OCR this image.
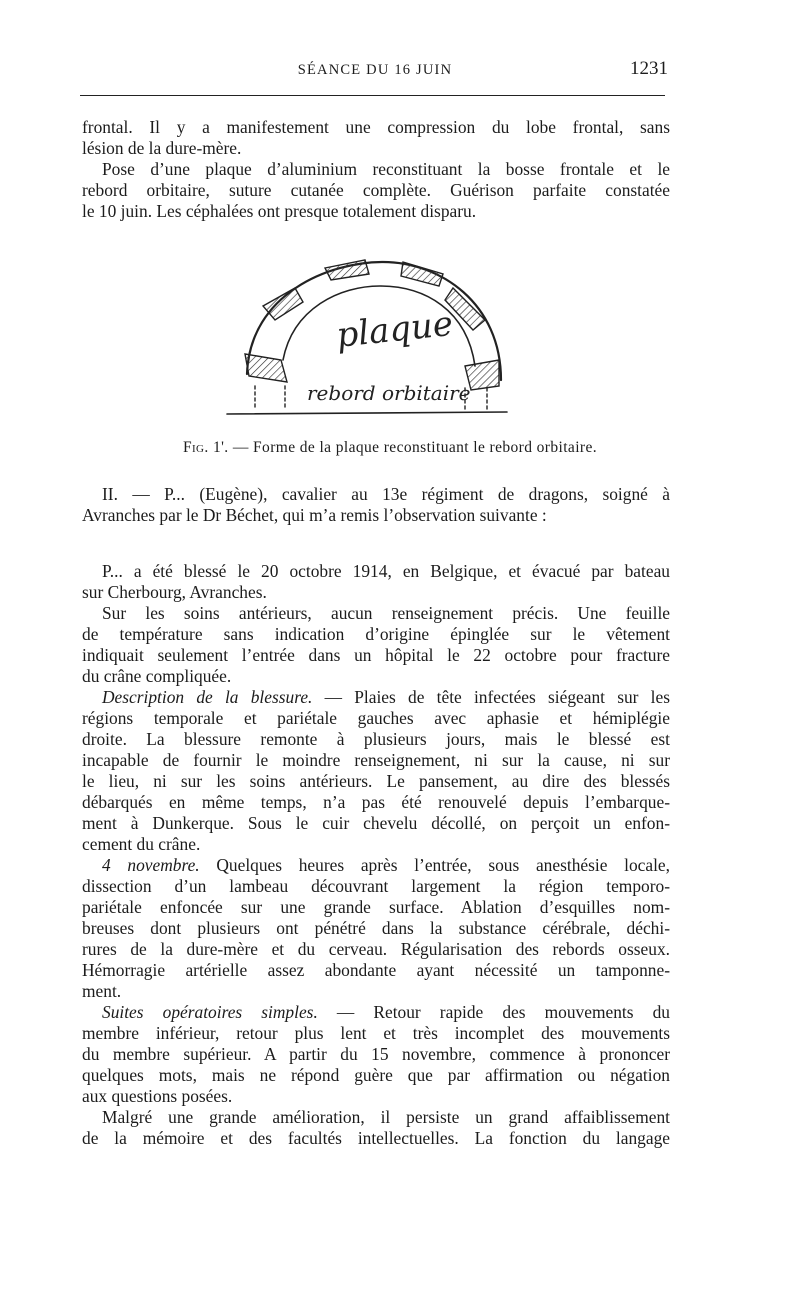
SÉANCE DU 16 JUIN	1231

frontal. Il y a manifestement une compression du lobe frontal, sans

lésion de la dure-mère.

Pose d’une plaque d’aluminium reconstituant la bosse frontale et le

rebord orbitaire, suture cutanée complète. Guérison parfaite constatée

le 10 juin. Les céphalées ont presque totalement disparu.

plaque
rebord orbitaire
Fig. 1'. — Forme de la plaque reconstituant le rebord orbitaire.

II. — P... (Eugène), cavalier au 13e régiment de dragons, soigné à

Avranches par le Dr Béchet, qui m’a remis l’observation suivante :

P... a été blessé le 20 octobre 1914, en Belgique, et évacué par bateau

sur Cherbourg, Avranches.

Sur les soins antérieurs, aucun renseignement précis. Une feuille

de température sans indication d’origine épinglée sur le vêtement

indiquait seulement l’entrée dans un hôpital le 22 octobre pour fracture

du crâne compliquée.

Description de la blessure. — Plaies de tête infectées siégeant sur les

régions temporale et pariétale gauches avec aphasie et hémiplégie

droite. La blessure remonte à plusieurs jours, mais le blessé est

incapable de fournir le moindre renseignement, ni sur la cause, ni sur

le lieu, ni sur les soins antérieurs. Le pansement, au dire des blessés

débarqués en même temps, n’a pas été renouvelé depuis l’embarque-

ment à Dunkerque. Sous le cuir chevelu décollé, on perçoit un enfon-

cement du crâne.

4 novembre. Quelques heures après l’entrée, sous anesthésie locale,

dissection d’un lambeau découvrant largement la région temporo-

pariétale enfoncée sur une grande surface. Ablation d’esquilles nom-

breuses dont plusieurs ont pénétré dans la substance cérébrale, déchi-

rures de la dure-mère et du cerveau. Régularisation des rebords osseux.

Hémorragie artérielle assez abondante ayant nécessité un tamponne-

ment.

Suites opératoires simples. — Retour rapide des mouvements du

membre inférieur, retour plus lent et très incomplet des mouvements

du membre supérieur. A partir du 15 novembre, commence à prononcer

quelques mots, mais ne répond guère que par affirmation ou négation

aux questions posées.

Malgré une grande amélioration, il persiste un grand affaiblissement

de la mémoire et des facultés intellectuelles. La fonction du langage
